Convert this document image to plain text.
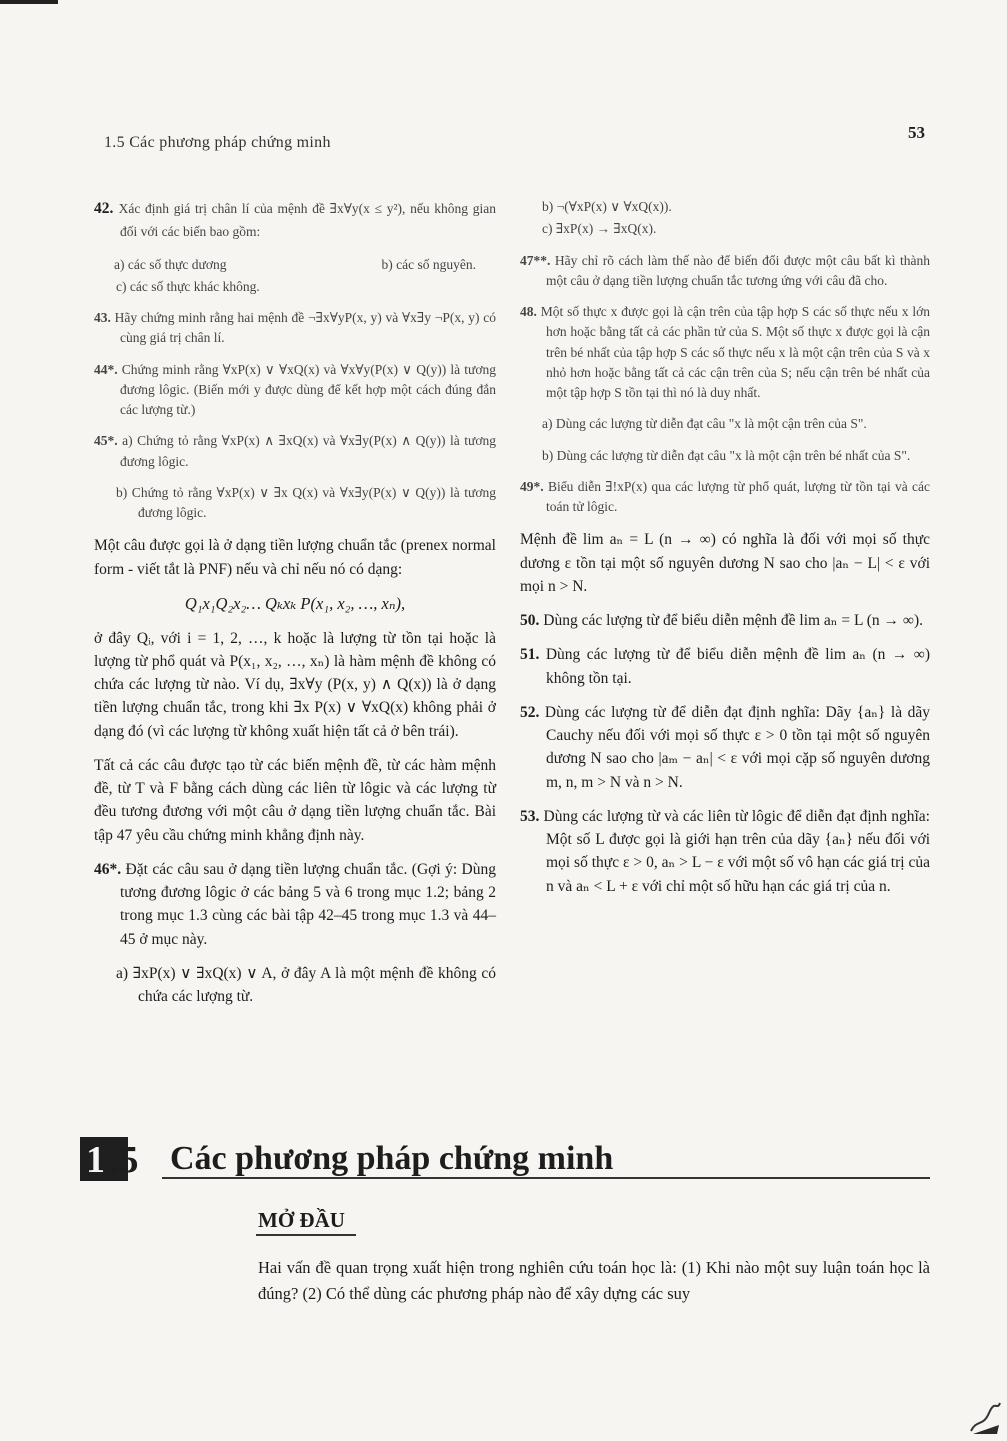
1.5 Các phương pháp chứng minh
53
42. Xác định giá trị chân lí của mệnh đề ∃x∀y(x ≤ y²), nếu không gian đối với các biến bao gồm:
a) các số thực dương	b) các số nguyên.
c) các số thực khác không.
43. Hãy chứng minh rằng hai mệnh đề ¬∃x∀yP(x, y) và ∀x∃y ¬P(x, y) có cùng giá trị chân lí.
44*. Chứng minh rằng ∀xP(x) ∨ ∀xQ(x) và ∀x∀y(P(x) ∨ Q(y)) là tương đương lôgic. (Biến mới y được dùng để kết hợp một cách đúng đắn các lượng từ.)
45*. a) Chứng tỏ rằng ∀xP(x) ∧ ∃xQ(x) và ∀x∃y(P(x) ∧ Q(y)) là tương đương lôgic.
b) Chứng tỏ rằng ∀xP(x) ∨ ∃x Q(x) và ∀x∃y(P(x) ∨ Q(y)) là tương đương lôgic.
Một câu được gọi là ở dạng tiền lượng chuẩn tắc (prenex normal form - viết tắt là PNF) nếu và chỉ nếu nó có dạng:
Q₁x₁Q₂x₂… Qₖxₖ P(x₁, x₂, …, xₙ),
ở đây Qᵢ, với i = 1, 2, …, k hoặc là lượng từ tồn tại hoặc là lượng từ phổ quát và P(x₁, x₂, …, xₙ) là hàm mệnh đề không có chứa các lượng từ nào. Ví dụ, ∃x∀y (P(x, y) ∧ Q(x)) là ở dạng tiền lượng chuẩn tắc, trong khi ∃x P(x) ∨ ∀xQ(x) không phải ở dạng đó (vì các lượng từ không xuất hiện tất cả ở bên trái).
Tất cả các câu được tạo từ các biến mệnh đề, từ các hàm mệnh đề, từ T và F bằng cách dùng các liên từ lôgic và các lượng từ đều tương đương với một câu ở dạng tiền lượng chuẩn tắc. Bài tập 47 yêu cầu chứng minh khẳng định này.
46*. Đặt các câu sau ở dạng tiền lượng chuẩn tắc. (Gợi ý: Dùng tương đương lôgic ở các bảng 5 và 6 trong mục 1.2; bảng 2 trong mục 1.3 cùng các bài tập 42–45 trong mục 1.3 và 44–45 ở mục này.
a) ∃xP(x) ∨ ∃xQ(x) ∨ A, ở đây A là một mệnh đề không có chứa các lượng từ.
b) ¬(∀xP(x) ∨ ∀xQ(x)).
c) ∃xP(x) → ∃xQ(x).
47**. Hãy chỉ rõ cách làm thế nào để biến đổi được một câu bất kì thành một câu ở dạng tiền lượng chuẩn tắc tương ứng với câu đã cho.
48. Một số thực x được gọi là cận trên của tập hợp S các số thực nếu x lớn hơn hoặc bằng tất cả các phần tử của S. Một số thực x được gọi là cận trên bé nhất của tập hợp S các số thực nếu x là một cận trên của S và x nhỏ hơn hoặc bằng tất cả các cận trên của S; nếu cận trên bé nhất của một tập hợp S tồn tại thì nó là duy nhất.
a) Dùng các lượng từ diễn đạt câu "x là một cận trên của S".
b) Dùng các lượng từ diễn đạt câu "x là một cận trên bé nhất của S".
49*. Biểu diễn ∃!xP(x) qua các lượng từ phổ quát, lượng từ tồn tại và các toán tử lôgic.
Mệnh đề lim aₙ = L (n → ∞) có nghĩa là đối với mọi số thực dương ε tồn tại một số nguyên dương N sao cho |aₙ − L| < ε với mọi n > N.
50. Dùng các lượng từ để biểu diễn mệnh đề lim aₙ = L (n → ∞).
51. Dùng các lượng từ để biểu diễn mệnh đề lim aₙ (n → ∞) không tồn tại.
52. Dùng các lượng từ để diễn đạt định nghĩa: Dãy {aₙ} là dãy Cauchy nếu đối với mọi số thực ε > 0 tồn tại một số nguyên dương N sao cho |aₘ − aₙ| < ε với mọi cặp số nguyên dương m, n, m > N và n > N.
53. Dùng các lượng từ và các liên từ lôgic để diễn đạt định nghĩa: Một số L được gọi là giới hạn trên của dãy {aₙ} nếu đối với mọi số thực ε > 0, aₙ > L − ε với một số vô hạn các giá trị của n và aₙ < L + ε với chỉ một số hữu hạn các giá trị của n.
1 .5 Các phương pháp chứng minh
MỞ ĐẦU
Hai vấn đề quan trọng xuất hiện trong nghiên cứu toán học là: (1) Khi nào một suy luận toán học là đúng? (2) Có thể dùng các phương pháp nào để xây dựng các suy
